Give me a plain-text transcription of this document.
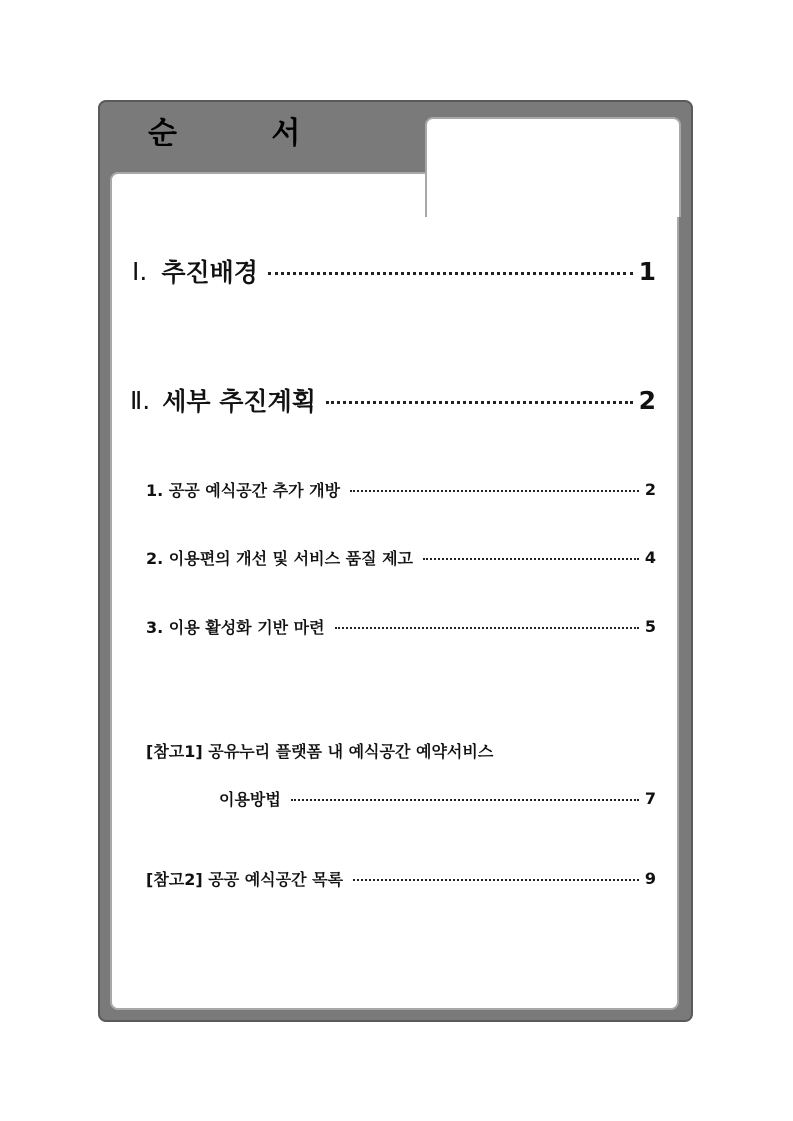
순 서
Ⅰ. 추진배경	1
Ⅱ. 세부 추진계획	2
1. 공공 예식공간 추가 개방	2
2. 이용편의 개선 및 서비스 품질 제고	4
3. 이용 활성화 기반 마련	5
[참고1] 공유누리 플랫폼 내 예식공간 예약서비스
이용방법	7
[참고2] 공공 예식공간 목록	9
